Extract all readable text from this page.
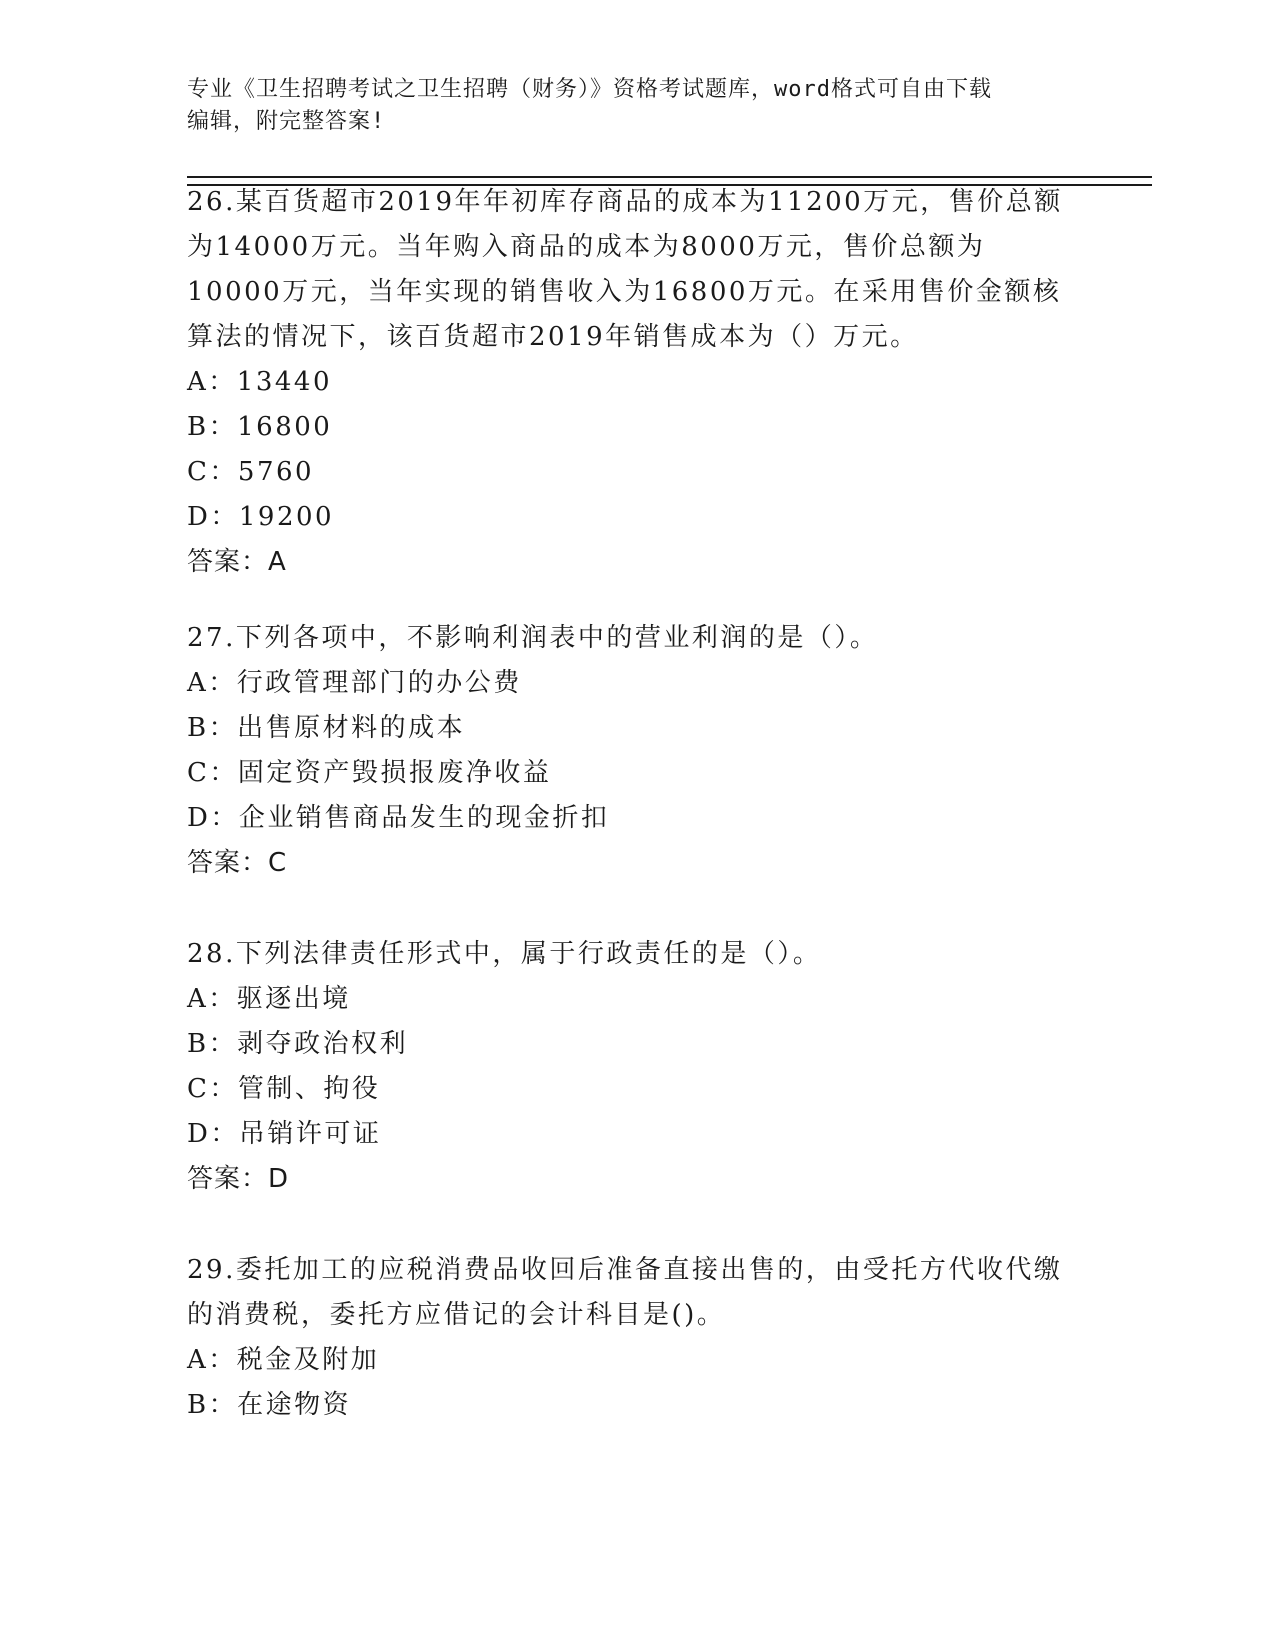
专业《卫生招聘考试之卫生招聘（财务）》资格考试题库，word格式可自由下载
编辑，附完整答案!
26.某百货超市2019年年初库存商品的成本为11200万元，售价总额为14000万元。当年购入商品的成本为8000万元，售价总额为10000万元，当年实现的销售收入为16800万元。在采用售价金额核算法的情况下，该百货超市2019年销售成本为（）万元。
A：13440
B：16800
C：5760
D：19200
答案：A
27.下列各项中，不影响利润表中的营业利润的是（）。
A：行政管理部门的办公费
B：出售原材料的成本
C：固定资产毁损报废净收益
D：企业销售商品发生的现金折扣
答案：C
28.下列法律责任形式中，属于行政责任的是（）。
A：驱逐出境
B：剥夺政治权利
C：管制、拘役
D：吊销许可证
答案：D
29.委托加工的应税消费品收回后准备直接出售的，由受托方代收代缴的消费税，委托方应借记的会计科目是()。
A：税金及附加
B：在途物资
